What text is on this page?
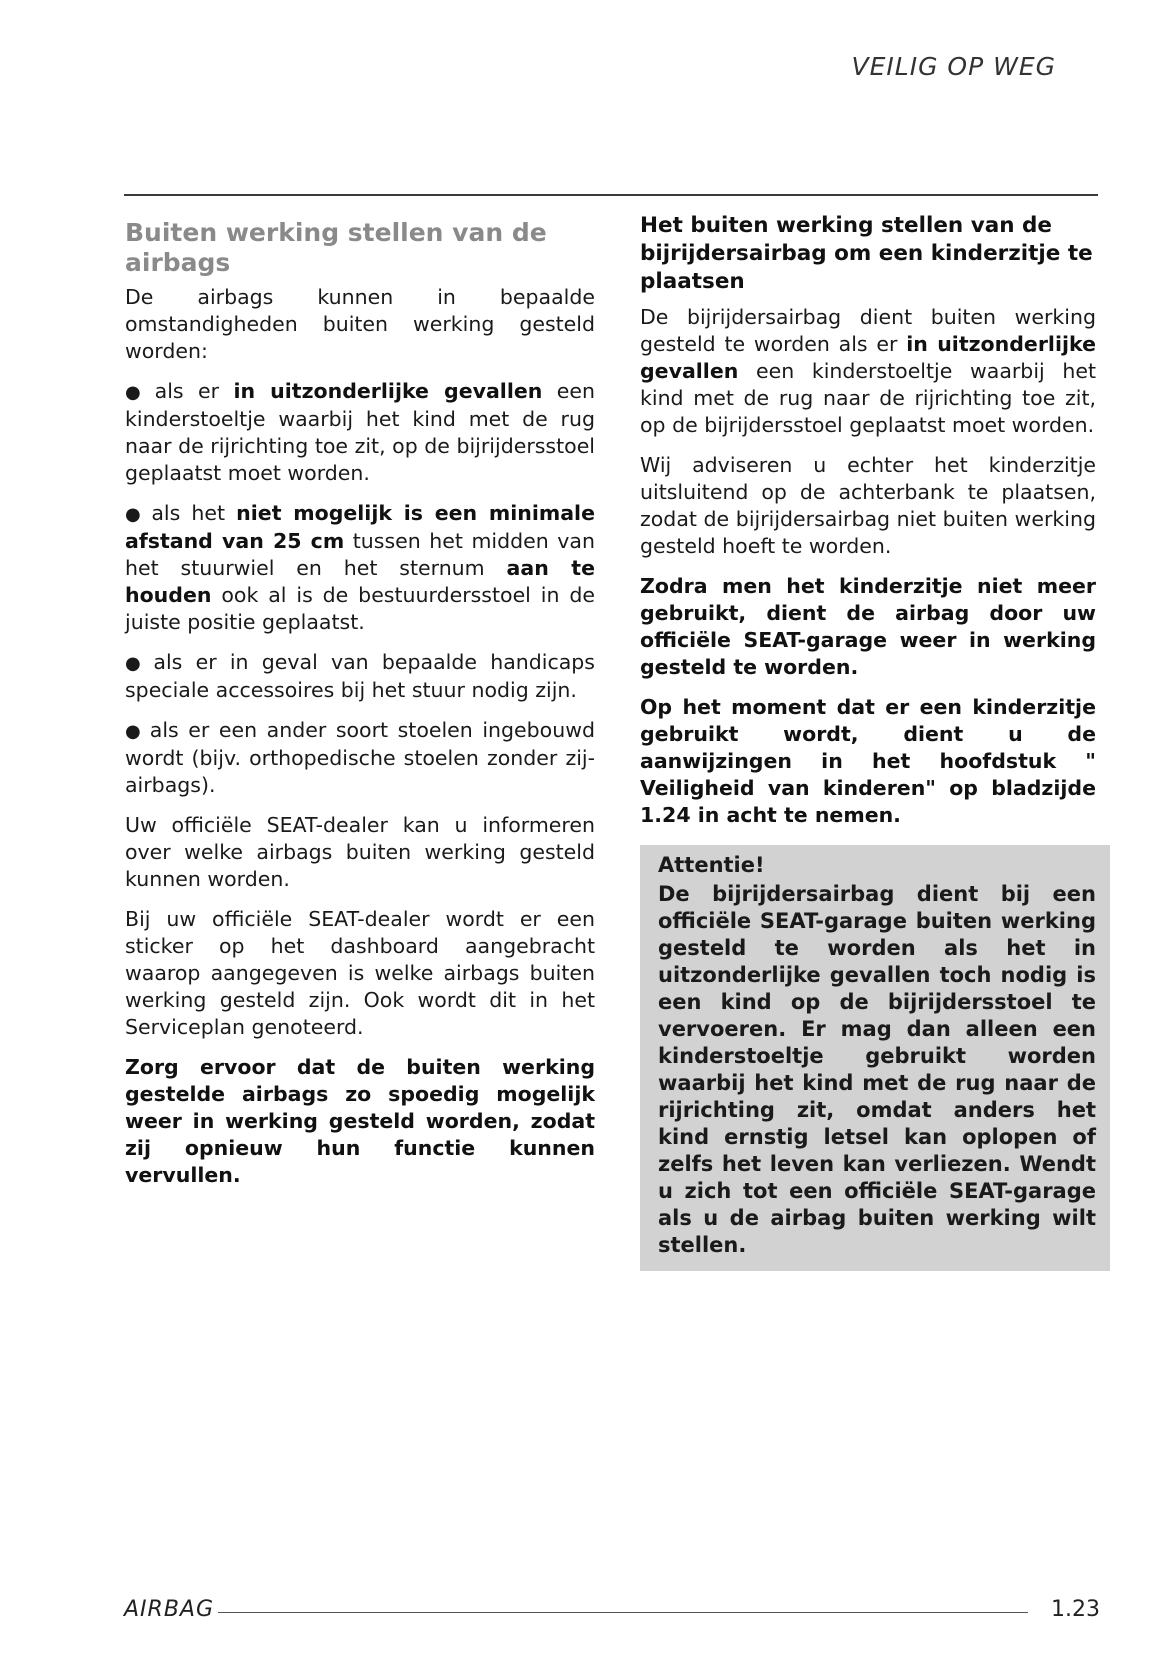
VEILIG OP WEG
Buiten werking stellen van de airbags

De airbags kunnen in bepaalde omstandigheden buiten werking gesteld worden:

● als er in uitzonderlijke gevallen een kinderstoeltje waarbij het kind met de rug naar de rijrichting toe zit, op de bijrijdersstoel geplaatst moet worden.

● als het niet mogelijk is een minimale afstand van 25 cm tussen het midden van het stuurwiel en het sternum aan te houden ook al is de bestuurdersstoel in de juiste positie geplaatst.

● als er in geval van bepaalde handicaps speciale accessoires bij het stuur nodig zijn.

● als er een ander soort stoelen ingebouwd wordt (bijv. orthopedische stoelen zonder zij-airbags).

Uw officiële SEAT-dealer kan u informeren over welke airbags buiten werking gesteld kunnen worden.

Bij uw officiële SEAT-dealer wordt er een sticker op het dashboard aangebracht waarop aangegeven is welke airbags buiten werking gesteld zijn. Ook wordt dit in het Serviceplan genoteerd.

Zorg ervoor dat de buiten werking gestelde airbags zo spoedig mogelijk weer in werking gesteld worden, zodat zij opnieuw hun functie kunnen vervullen.

Het buiten werking stellen van de bijrijdersairbag om een kinderzitje te plaatsen

De bijrijdersairbag dient buiten werking gesteld te worden als er in uitzonderlijke gevallen een kinderstoeltje waarbij het kind met de rug naar de rijrichting toe zit, op de bijrijdersstoel geplaatst moet worden.

Wij adviseren u echter het kinderzitje uitsluitend op de achterbank te plaatsen, zodat de bijrijdersairbag niet buiten werking gesteld hoeft te worden.

Zodra men het kinderzitje niet meer gebruikt, dient de airbag door uw officiële SEAT-garage weer in werking gesteld te worden.

Op het moment dat er een kinderzitje gebruikt wordt, dient u de aanwijzingen in het hoofdstuk " Veiligheid van kinderen" op bladzijde 1.24 in acht te nemen.

Attentie!

De bijrijdersairbag dient bij een officiële SEAT-garage buiten werking gesteld te worden als het in uitzonderlijke gevallen toch nodig is een kind op de bijrijdersstoel te vervoeren. Er mag dan alleen een kinderstoeltje gebruikt worden waarbij het kind met de rug naar de rijrichting zit, omdat anders het kind ernstig letsel kan oplopen of zelfs het leven kan verliezen. Wendt u zich tot een officiële SEAT-garage als u de airbag buiten werking wilt stellen.

AIRBAG	1.23
